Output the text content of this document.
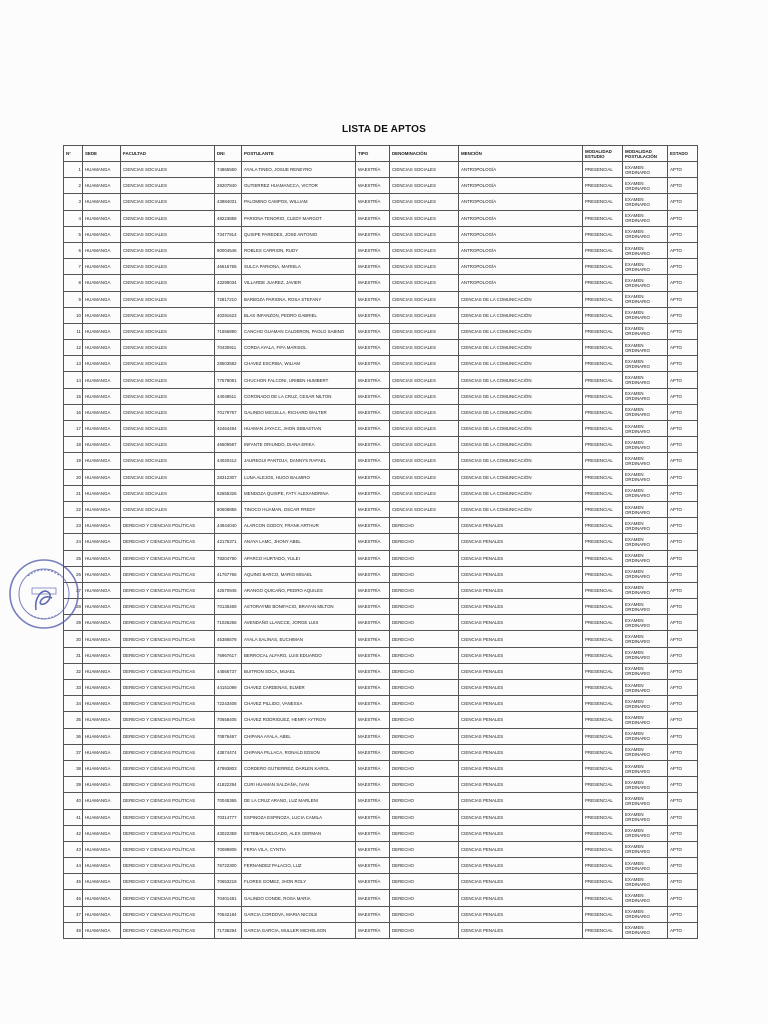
LISTA DE APTOS
N°	SEDE	FACULTAD	DNI	POSTULANTE	TIPO	DENOMINACIÓN	MENCIÓN	MODALIDAD ESTUDIO	MODALIDAD POSTULACIÓN	ESTADO
1	HUAMANGA	CIENCIAS SOCIALES	74865560	AYALA TINEO, JOSUE RENEYRO	MAESTRÍA	CIENCIAS SOCIALES	ANTROPOLOGÍA	PRESENCIAL	EXAMEN ORDINARIO	APTO
2	HUAMANGA	CIENCIAS SOCIALES	28207840	GUTIERREZ HUAMANCCA, VICTOR	MAESTRÍA	CIENCIAS SOCIALES	ANTROPOLOGÍA	PRESENCIAL	EXAMEN ORDINARIO	APTO
3	HUAMANGA	CIENCIAS SOCIALES	43984031	PALOMINO CAMPOS, WILLIAM	MAESTRÍA	CIENCIAS SOCIALES	ANTROPOLOGÍA	PRESENCIAL	EXAMEN ORDINARIO	APTO
4	HUAMANGA	CIENCIAS SOCIALES	48223858	PARIONA TENORIO, CLEDY MARGOT	MAESTRÍA	CIENCIAS SOCIALES	ANTROPOLOGÍA	PRESENCIAL	EXAMEN ORDINARIO	APTO
5	HUAMANGA	CIENCIAS SOCIALES	73477914	QUISPE PAREDES, JOSE ANTONIO	MAESTRÍA	CIENCIAS SOCIALES	ANTROPOLOGÍA	PRESENCIAL	EXAMEN ORDINARIO	APTO
6	HUAMANGA	CIENCIAS SOCIALES	80004546	ROBLES CARRION, RUDY	MAESTRÍA	CIENCIAS SOCIALES	ANTROPOLOGÍA	PRESENCIAL	EXAMEN ORDINARIO	APTO
7	HUAMANGA	CIENCIAS SOCIALES	46616765	SULCA PARIONA, MARIELA	MAESTRÍA	CIENCIAS SOCIALES	ANTROPOLOGÍA	PRESENCIAL	EXAMEN ORDINARIO	APTO
8	HUAMANGA	CIENCIAS SOCIALES	43299034	VILLARDE JUAREZ, JAVIER	MAESTRÍA	CIENCIAS SOCIALES	ANTROPOLOGÍA	PRESENCIAL	EXAMEN ORDINARIO	APTO
9	HUAMANGA	CIENCIAS SOCIALES	72817210	BARBOZA PARIONA, ROSA STEFANY	MAESTRÍA	CIENCIAS SOCIALES	CIENCIAS DE LA COMUNICACIÓN	PRESENCIAL	EXAMEN ORDINARIO	APTO
10	HUAMANGA	CIENCIAS SOCIALES	40291623	BLAS INFANZON, PEDRO GABRIEL	MAESTRÍA	CIENCIAS SOCIALES	CIENCIAS DE LA COMUNICACIÓN	PRESENCIAL	EXAMEN ORDINARIO	APTO
11	HUAMANGA	CIENCIAS SOCIALES	71556890	CANCHO GUAMAN CALDERON, PAOLO SABINO	MAESTRÍA	CIENCIAS SOCIALES	CIENCIAS DE LA COMUNICACIÓN	PRESENCIAL	EXAMEN ORDINARIO	APTO
12	HUAMANGA	CIENCIAS SOCIALES	70430911	CORDA AYALA, FIFA MARISOL	MAESTRÍA	CIENCIAS SOCIALES	CIENCIAS DE LA COMUNICACIÓN	PRESENCIAL	EXAMEN ORDINARIO	APTO
13	HUAMANGA	CIENCIAS SOCIALES	28503582	CHAVEZ ESCRIBA, WILIAM	MAESTRÍA	CIENCIAS SOCIALES	CIENCIAS DE LA COMUNICACIÓN	PRESENCIAL	EXAMEN ORDINARIO	APTO
14	HUAMANGA	CIENCIAS SOCIALES	77578081	CHUCHON FALCONI, URIBEN HUMBERT	MAESTRÍA	CIENCIAS SOCIALES	CIENCIAS DE LA COMUNICACIÓN	PRESENCIAL	EXAMEN ORDINARIO	APTO
15	HUAMANGA	CIENCIAS SOCIALES	44049511	CORONADO DE LA CRUZ, CESAR NILTON	MAESTRÍA	CIENCIAS SOCIALES	CIENCIAS DE LA COMUNICACIÓN	PRESENCIAL	EXAMEN ORDINARIO	APTO
16	HUAMANGA	CIENCIAS SOCIALES	70179767	GALINDO MICUILLA, RICHARD WALTER	MAESTRÍA	CIENCIAS SOCIALES	CIENCIAS DE LA COMUNICACIÓN	PRESENCIAL	EXAMEN ORDINARIO	APTO
17	HUAMANGA	CIENCIAS SOCIALES	42464494	HUAMAN JAYACC, JHON SEBASTIAN	MAESTRÍA	CIENCIAS SOCIALES	CIENCIAS DE LA COMUNICACIÓN	PRESENCIAL	EXAMEN ORDINARIO	APTO
18	HUAMANGA	CIENCIAS SOCIALES	46509587	INFANTE ORIUNDO, DIANA ERIKA	MAESTRÍA	CIENCIAS SOCIALES	CIENCIAS DE LA COMUNICACIÓN	PRESENCIAL	EXAMEN ORDINARIO	APTO
19	HUAMANGA	CIENCIAS SOCIALES	44020412	JAUREGUI PANTOJA, DANNYS RAFAEL	MAESTRÍA	CIENCIAS SOCIALES	CIENCIAS DE LA COMUNICACIÓN	PRESENCIAL	EXAMEN ORDINARIO	APTO
20	HUAMANGA	CIENCIAS SOCIALES	28312307	LUNA ALEJOS, HUGO BALMIRO	MAESTRÍA	CIENCIAS SOCIALES	CIENCIAS DE LA COMUNICACIÓN	PRESENCIAL	EXAMEN ORDINARIO	APTO
21	HUAMANGA	CIENCIAS SOCIALES	62655326	MENDOZA QUISPE, FATY ALEXANDRINA	MAESTRÍA	CIENCIAS SOCIALES	CIENCIAS DE LA COMUNICACIÓN	PRESENCIAL	EXAMEN ORDINARIO	APTO
22	HUAMANGA	CIENCIAS SOCIALES	80608856	TINOCO HUAMAN, OSCAR FREDY	MAESTRÍA	CIENCIAS SOCIALES	CIENCIAS DE LA COMUNICACIÓN	PRESENCIAL	EXAMEN ORDINARIO	APTO
23	HUAMANGA	DERECHO Y CIENCIAS POLÍTICAS	44944040	ALARCON GODOY, FRANK ARTHUR	MAESTRÍA	DERECHO	CIENCIAS PENALES	PRESENCIAL	EXAMEN ORDINARIO	APTO
24	HUAMANGA	DERECHO Y CIENCIAS POLÍTICAS	42175371	ANAYA LAMC, JHONY ABEL	MAESTRÍA	DERECHO	CIENCIAS PENALES	PRESENCIAL	EXAMEN ORDINARIO	APTO
25	HUAMANGA	DERECHO Y CIENCIAS POLÍTICAS	78204790	APARCO HURTADO, YULEI	MAESTRÍA	DERECHO	CIENCIAS PENALES	PRESENCIAL	EXAMEN ORDINARIO	APTO
26	HUAMANGA	DERECHO Y CIENCIAS POLÍTICAS	41767766	AQUINO BARCO, MARIO MISAEL	MAESTRÍA	DERECHO	CIENCIAS PENALES	PRESENCIAL	EXAMEN ORDINARIO	APTO
27	HUAMANGA	DERECHO Y CIENCIAS POLÍTICAS	42570945	ARANGO QUICAÑO, PEDRO AQUILES	MAESTRÍA	DERECHO	CIENCIAS PENALES	PRESENCIAL	EXAMEN ORDINARIO	APTO
28	HUAMANGA	DERECHO Y CIENCIAS POLÍTICAS	70135469	ASTORAYME BONIFACIO, BRAYAN MILTON	MAESTRÍA	DERECHO	CIENCIAS PENALES	PRESENCIAL	EXAMEN ORDINARIO	APTO
29	HUAMANGA	DERECHO Y CIENCIAS POLÍTICAS	71026266	AVENDAÑO LLANCCE, JORGE LUIS	MAESTRÍA	DERECHO	CIENCIAS PENALES	PRESENCIAL	EXAMEN ORDINARIO	APTO
30	HUAMANGA	DERECHO Y CIENCIAS POLÍTICAS	45386578	AYALA SALINAS, EUCHIMAN	MAESTRÍA	DERECHO	CIENCIAS PENALES	PRESENCIAL	EXAMEN ORDINARIO	APTO
31	HUAMANGA	DERECHO Y CIENCIAS POLÍTICAS	76967617	BERROCAL ALFARO, LUIS EDUARDO	MAESTRÍA	DERECHO	CIENCIAS PENALES	PRESENCIAL	EXAMEN ORDINARIO	APTO
32	HUAMANGA	DERECHO Y CIENCIAS POLÍTICAS	44566737	BUITRON SOCA, MIJAEL	MAESTRÍA	DERECHO	CIENCIAS PENALES	PRESENCIAL	EXAMEN ORDINARIO	APTO
33	HUAMANGA	DERECHO Y CIENCIAS POLÍTICAS	44151099	CHAVEZ CARDENAS, ELMER	MAESTRÍA	DERECHO	CIENCIAS PENALES	PRESENCIAL	EXAMEN ORDINARIO	APTO
34	HUAMANGA	DERECHO Y CIENCIAS POLÍTICAS	72243408	CHAVEZ PILLIDO, VANESSA	MAESTRÍA	DERECHO	CIENCIAS PENALES	PRESENCIAL	EXAMEN ORDINARIO	APTO
35	HUAMANGA	DERECHO Y CIENCIAS POLÍTICAS	70658405	CHAVEZ RODRIGUEZ, HENRY AYTRON	MAESTRÍA	DERECHO	CIENCIAS PENALES	PRESENCIAL	EXAMEN ORDINARIO	APTO
36	HUAMANGA	DERECHO Y CIENCIAS POLÍTICAS	70876467	CHIPANA AYALA, ABEL	MAESTRÍA	DERECHO	CIENCIAS PENALES	PRESENCIAL	EXAMEN ORDINARIO	APTO
37	HUAMANGA	DERECHO Y CIENCIAS POLÍTICAS	43874474	CHIPANA PILLACA, RONALD EDSON	MAESTRÍA	DERECHO	CIENCIAS PENALES	PRESENCIAL	EXAMEN ORDINARIO	APTO
38	HUAMANGA	DERECHO Y CIENCIAS POLÍTICAS	47893803	CORDERO GUTIERREZ, DARLEN KAROL	MAESTRÍA	DERECHO	CIENCIAS PENALES	PRESENCIAL	EXAMEN ORDINARIO	APTO
39	HUAMANGA	DERECHO Y CIENCIAS POLÍTICAS	41822294	CURI HUAMAN SALDAÑA, IVAN	MAESTRÍA	DERECHO	CIENCIAS PENALES	PRESENCIAL	EXAMEN ORDINARIO	APTO
40	HUAMANGA	DERECHO Y CIENCIAS POLÍTICAS	70045365	DE LA CRUZ ARANG, LUZ MARLENI	MAESTRÍA	DERECHO	CIENCIAS PENALES	PRESENCIAL	EXAMEN ORDINARIO	APTO
41	HUAMANGA	DERECHO Y CIENCIAS POLÍTICAS	70314777	ESPINOZA ESPINOZA, LUCIA CAMILA	MAESTRÍA	DERECHO	CIENCIAS PENALES	PRESENCIAL	EXAMEN ORDINARIO	APTO
42	HUAMANGA	DERECHO Y CIENCIAS POLÍTICAS	43022359	ESTEBAN DELGADO, ALEX GERMAN	MAESTRÍA	DERECHO	CIENCIAS PENALES	PRESENCIAL	EXAMEN ORDINARIO	APTO
43	HUAMANGA	DERECHO Y CIENCIAS POLÍTICAS	70089806	FERIA VILA, CYNTIA	MAESTRÍA	DERECHO	CIENCIAS PENALES	PRESENCIAL	EXAMEN ORDINARIO	APTO
44	HUAMANGA	DERECHO Y CIENCIAS POLÍTICAS	76722300	FERNANDEZ PALACIO, LUZ	MAESTRÍA	DERECHO	CIENCIAS PENALES	PRESENCIAL	EXAMEN ORDINARIO	APTO
45	HUAMANGA	DERECHO Y CIENCIAS POLÍTICAS	70653218	FLORES GOMEZ, JHON ROLY	MAESTRÍA	DERECHO	CIENCIAS PENALES	PRESENCIAL	EXAMEN ORDINARIO	APTO
46	HUAMANGA	DERECHO Y CIENCIAS POLÍTICAS	70401481	GALINDO CONDE, ROSA MARIA	MAESTRÍA	DERECHO	CIENCIAS PENALES	PRESENCIAL	EXAMEN ORDINARIO	APTO
47	HUAMANGA	DERECHO Y CIENCIAS POLÍTICAS	70542184	GARCIA CORDOVA, MARIA NICOLE	MAESTRÍA	DERECHO	CIENCIAS PENALES	PRESENCIAL	EXAMEN ORDINARIO	APTO
48	HUAMANGA	DERECHO Y CIENCIAS POLÍTICAS	71736294	GARCIA GARCIA, MULLER MICHELSON	MAESTRÍA	DERECHO	CIENCIAS PENALES	PRESENCIAL	EXAMEN ORDINARIO	APTO
